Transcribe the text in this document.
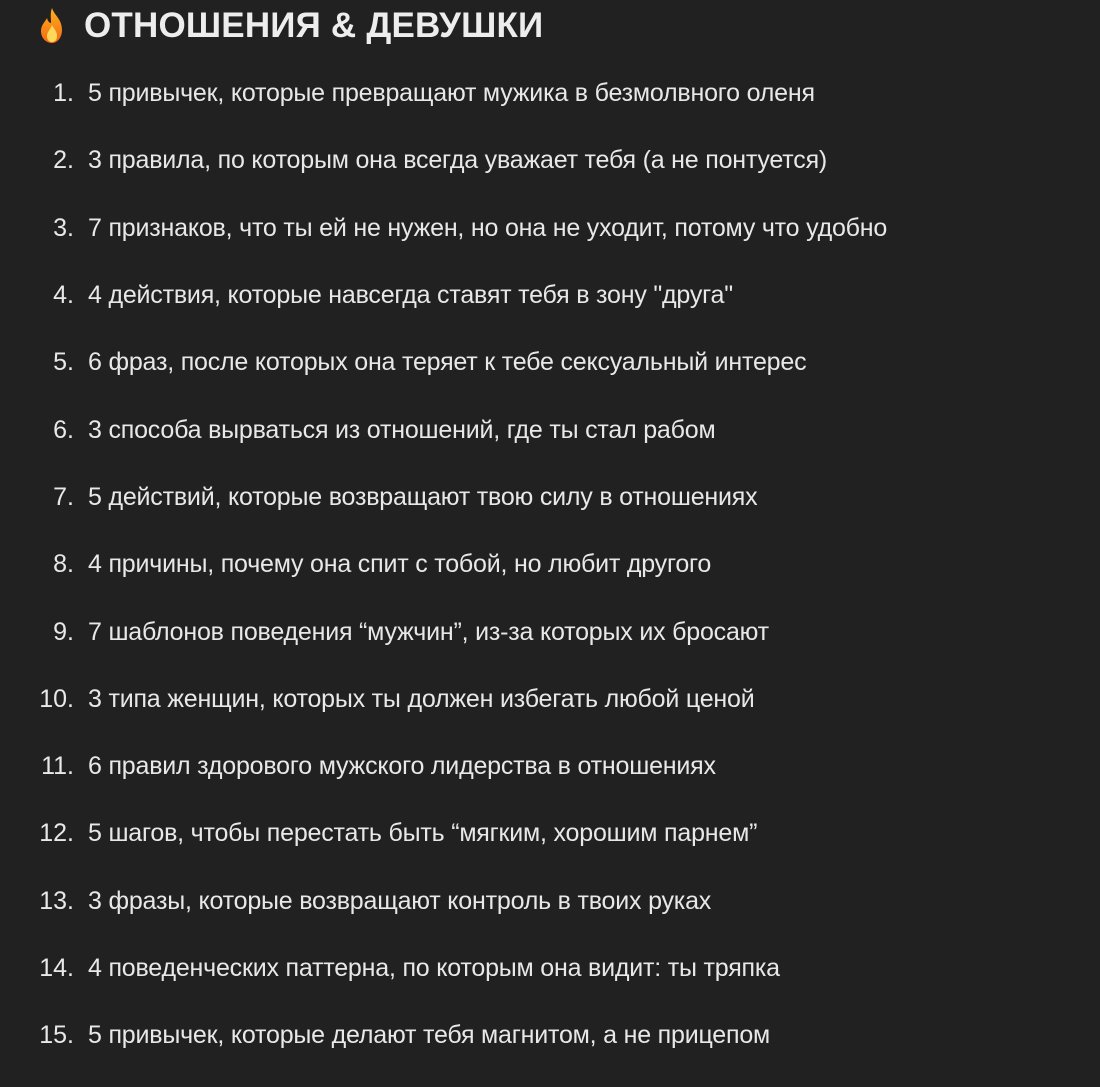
ОТНОШЕНИЯ & ДЕВУШКИ
1. 5 привычек, которые превращают мужика в безмолвного оленя
2. 3 правила, по которым она всегда уважает тебя (а не понтуется)
3. 7 признаков, что ты ей не нужен, но она не уходит, потому что удобно
4. 4 действия, которые навсегда ставят тебя в зону "друга"
5. 6 фраз, после которых она теряет к тебе сексуальный интерес
6. 3 способа вырваться из отношений, где ты стал рабом
7. 5 действий, которые возвращают твою силу в отношениях
8. 4 причины, почему она спит с тобой, но любит другого
9. 7 шаблонов поведения “мужчин”, из-за которых их бросают
10. 3 типа женщин, которых ты должен избегать любой ценой
11. 6 правил здорового мужского лидерства в отношениях
12. 5 шагов, чтобы перестать быть “мягким, хорошим парнем”
13. 3 фразы, которые возвращают контроль в твоих руках
14. 4 поведенческих паттерна, по которым она видит: ты тряпка
15. 5 привычек, которые делают тебя магнитом, а не прицепом
